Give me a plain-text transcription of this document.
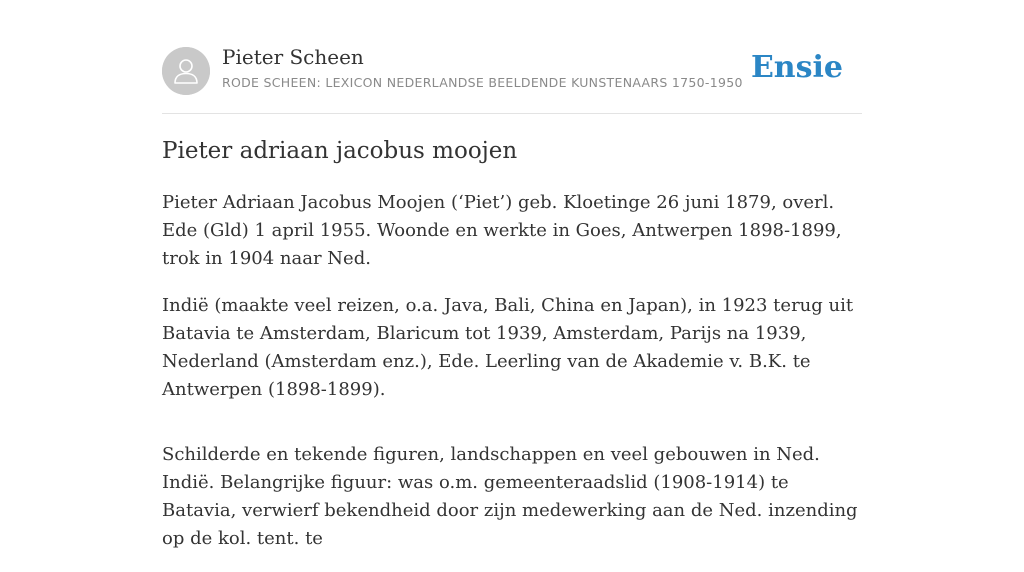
Pieter Scheen
RODE SCHEEN: LEXICON NEDERLANDSE BEELDENDE KUNSTENAARS 1750-1950 Ensie
Pieter adriaan jacobus moojen

Pieter Adriaan Jacobus Moojen (‘Piet’) geb. Kloetinge 26 juni 1879, overl. Ede (Gld) 1 april 1955. Woonde en werkte in Goes, Antwerpen 1898-1899, trok in 1904 naar Ned.

Indië (maakte veel reizen, o.a. Java, Bali, China en Japan), in 1923 terug uit Batavia te Amsterdam, Blaricum tot 1939, Amsterdam, Parijs na 1939, Nederland (Amsterdam enz.), Ede. Leerling van de Akademie v. B.K. te Antwerpen (1898-1899).

Schilderde en tekende figuren, landschappen en veel gebouwen in Ned. Indië. Belangrijke figuur: was o.m. gemeenteraadslid (1908-1914) te Batavia, verwierf bekendheid door zijn medewerking aan de Ned. inzending op de kol. tent. te
